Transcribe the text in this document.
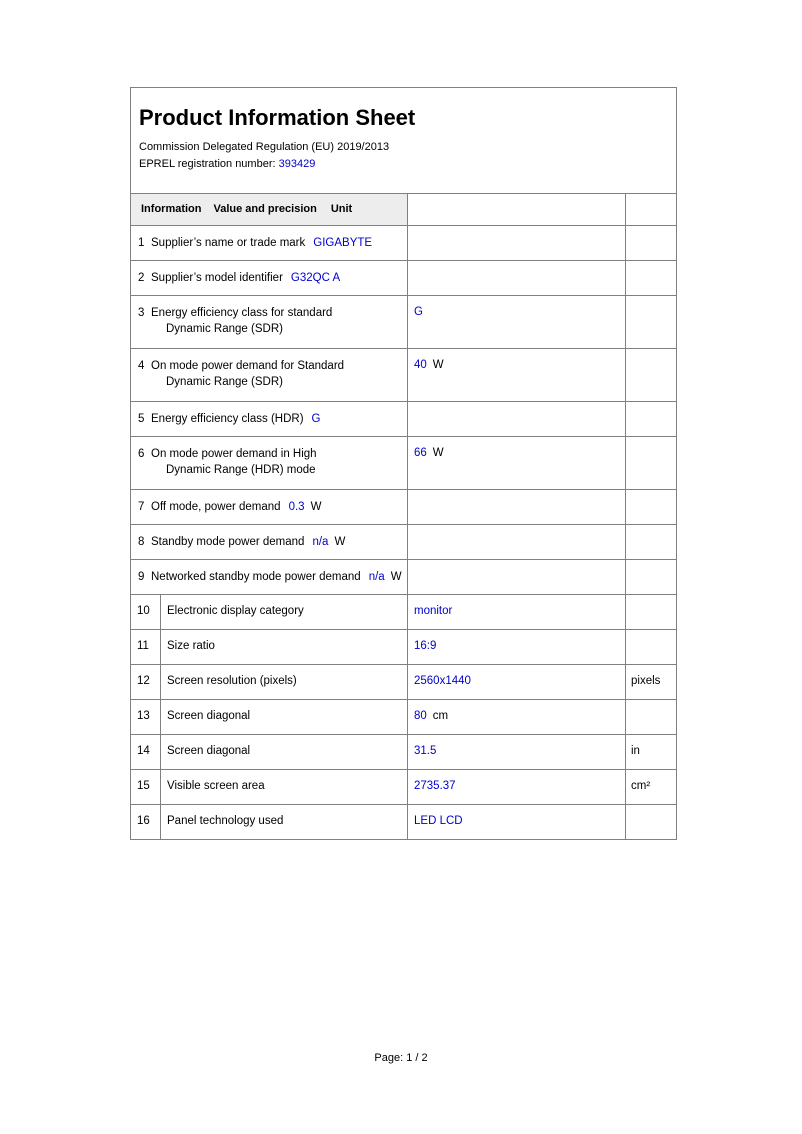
Product Information Sheet
Commission Delegated Regulation (EU) 2019/2013
EPREL registration number: 393429
Information Value and precision Unit
1 Supplier’s name or trade mark GIGABYTE
2 Supplier’s model identifier G32QC A
3 Energy efficiency class for standard
Dynamic Range (SDR)
G
4 On mode power demand for Standard
Dynamic Range (SDR)
40 W
5 Energy efficiency class (HDR) G
6 On mode power demand in High
Dynamic Range (HDR) mode
66 W
7 Off mode, power demand 0.3 W
8 Standby mode power demand n/a W
9 Networked standby mode power demand n/a W
10	Electronic display category	monitor
11	Size ratio	16:9
12	Screen resolution (pixels)	2560x1440	pixels
13	Screen diagonal	80 cm
14	Screen diagonal	31.5	in
15	Visible screen area	2735.37	cm²
16	Panel technology used	LED LCD
Page: 1 / 2
